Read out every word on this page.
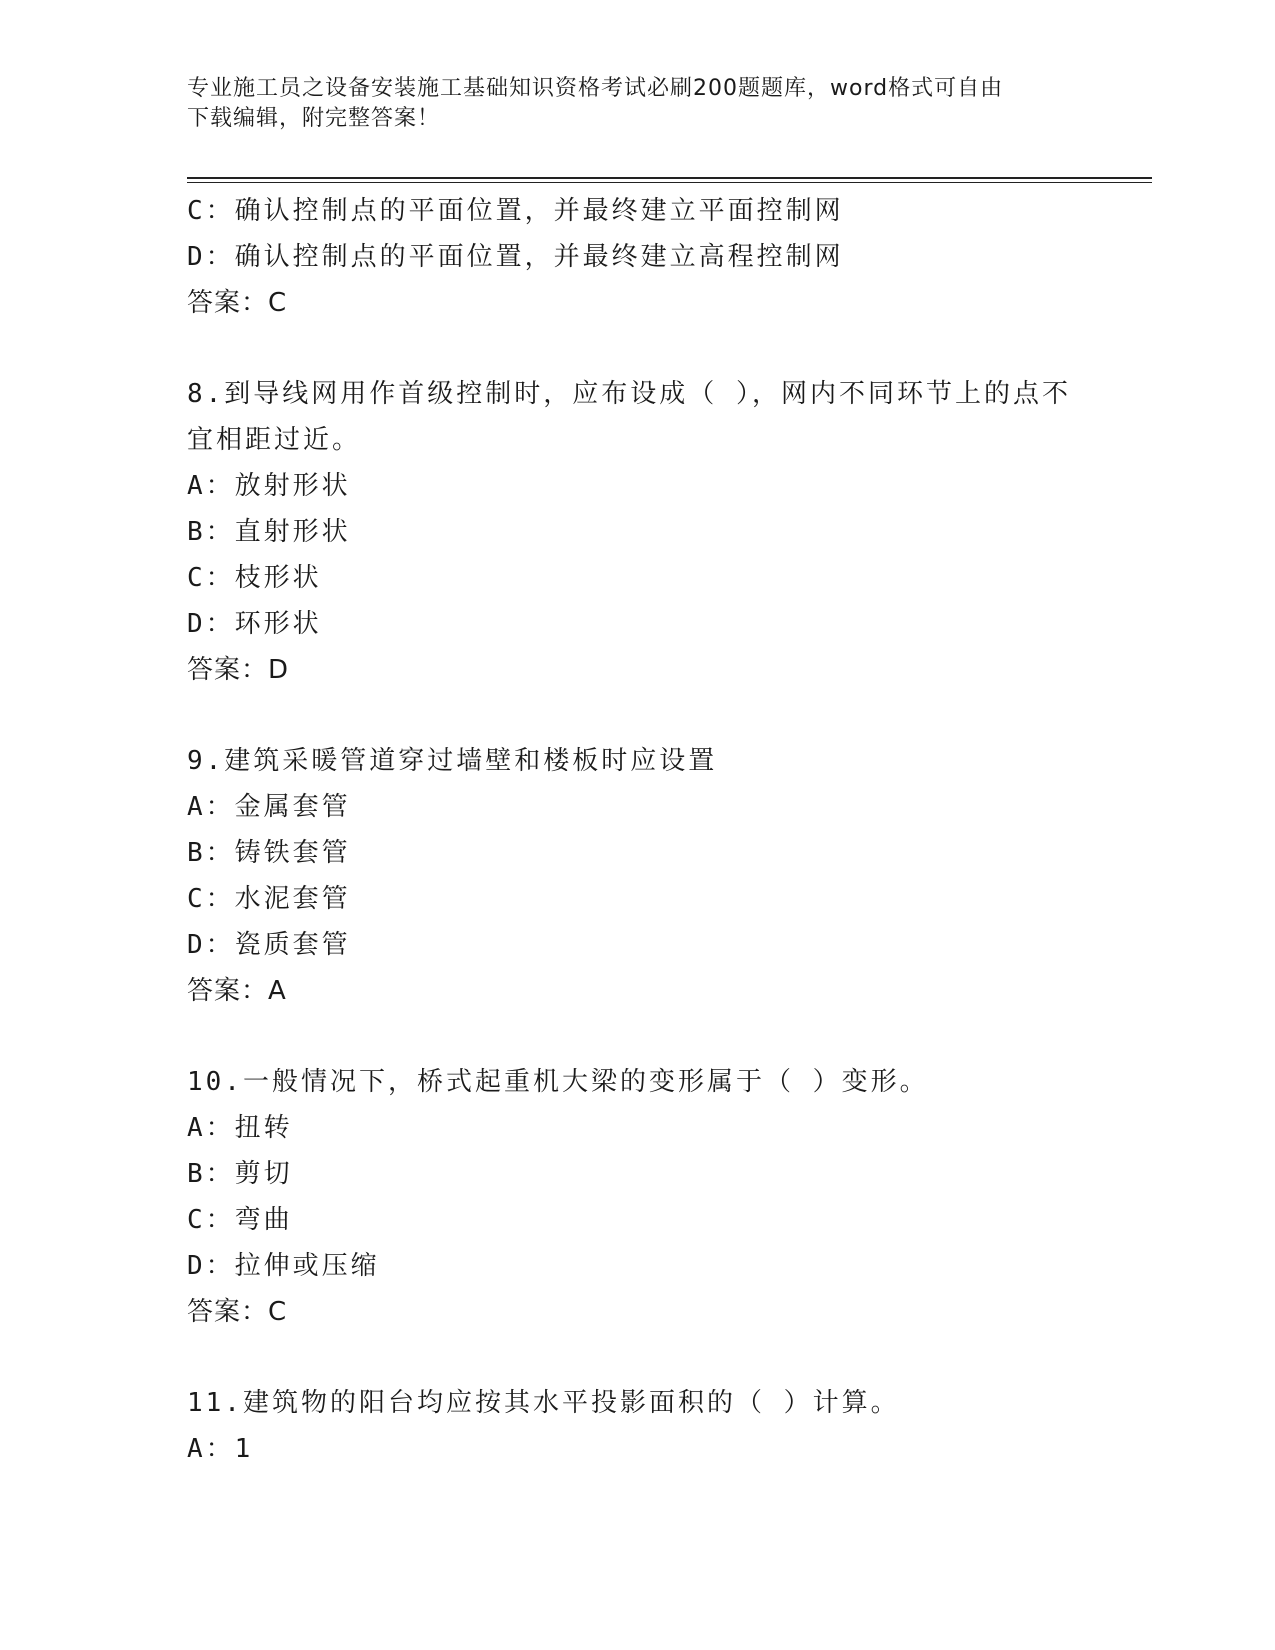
专业施工员之设备安装施工基础知识资格考试必刷200题题库，word格式可自由
下载编辑，附完整答案！
C：确认控制点的平面位置，并最终建立平面控制网
D：确认控制点的平面位置，并最终建立高程控制网
答案：C
8.到导线网用作首级控制时，应布设成（ ），网内不同环节上的点不
宜相距过近。
A：放射形状
B：直射形状
C：枝形状
D：环形状
答案：D
9.建筑采暖管道穿过墙壁和楼板时应设置
A：金属套管
B：铸铁套管
C：水泥套管
D：瓷质套管
答案：A
10.一般情况下，桥式起重机大梁的变形属于（ ）变形。
A：扭转
B：剪切
C：弯曲
D：拉伸或压缩
答案：C
11.建筑物的阳台均应按其水平投影面积的（ ）计算。
A：1
